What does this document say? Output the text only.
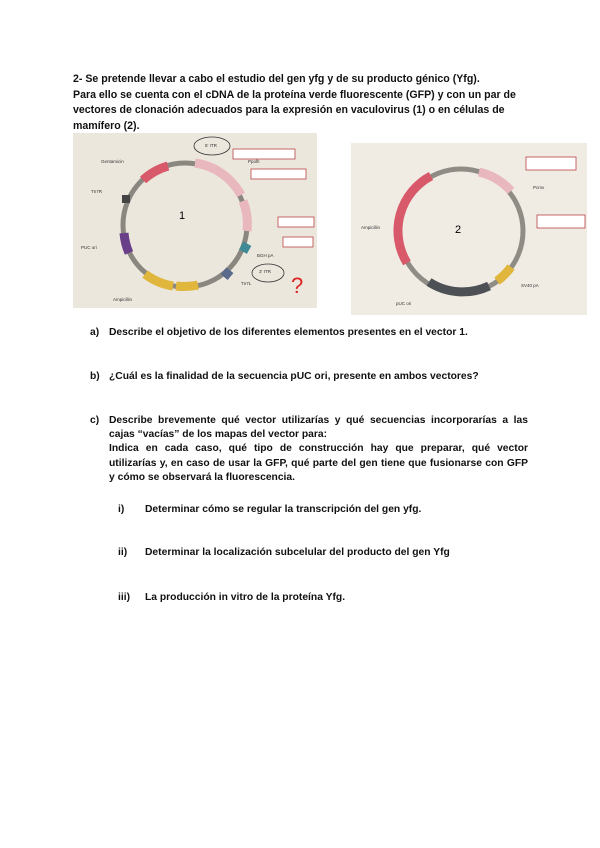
2- Se pretende llevar a cabo el estudio del gen yfg y de su producto génico (Yfg).

Para ello se cuenta con el cDNA de la proteína verde fluorescente (GFP) y con un par de vectores de clonación adecuados para la expresión en vaculovirus (1) o en células de mamífero (2).

?
1
Gentamicin
Tn7R
PUC ori
Ampicillin
5' ITR
3' ITR
Ppolh
BGH pA
Tn7L
2
Ampicillin
Pcmv
pUC ori
SV40 pA
a) Describe el objetivo de los diferentes elementos presentes en el vector 1.
b) ¿Cuál es la finalidad de la secuencia pUC ori, presente en ambos vectores?
c) Describe brevemente qué vector utilizarías y qué secuencias incorporarías a las cajas “vacías” de los mapas del vector para:
Indica en cada caso, qué tipo de construcción hay que preparar, qué vector utilizarías y, en caso de usar la GFP, qué parte del gen tiene que fusionarse con GFP y cómo se observará la fluorescencia.
i) Determinar cómo se regular la transcripción del gen yfg.
ii) Determinar la localización subcelular del producto del gen Yfg
iii) La producción in vitro de la proteína Yfg.
